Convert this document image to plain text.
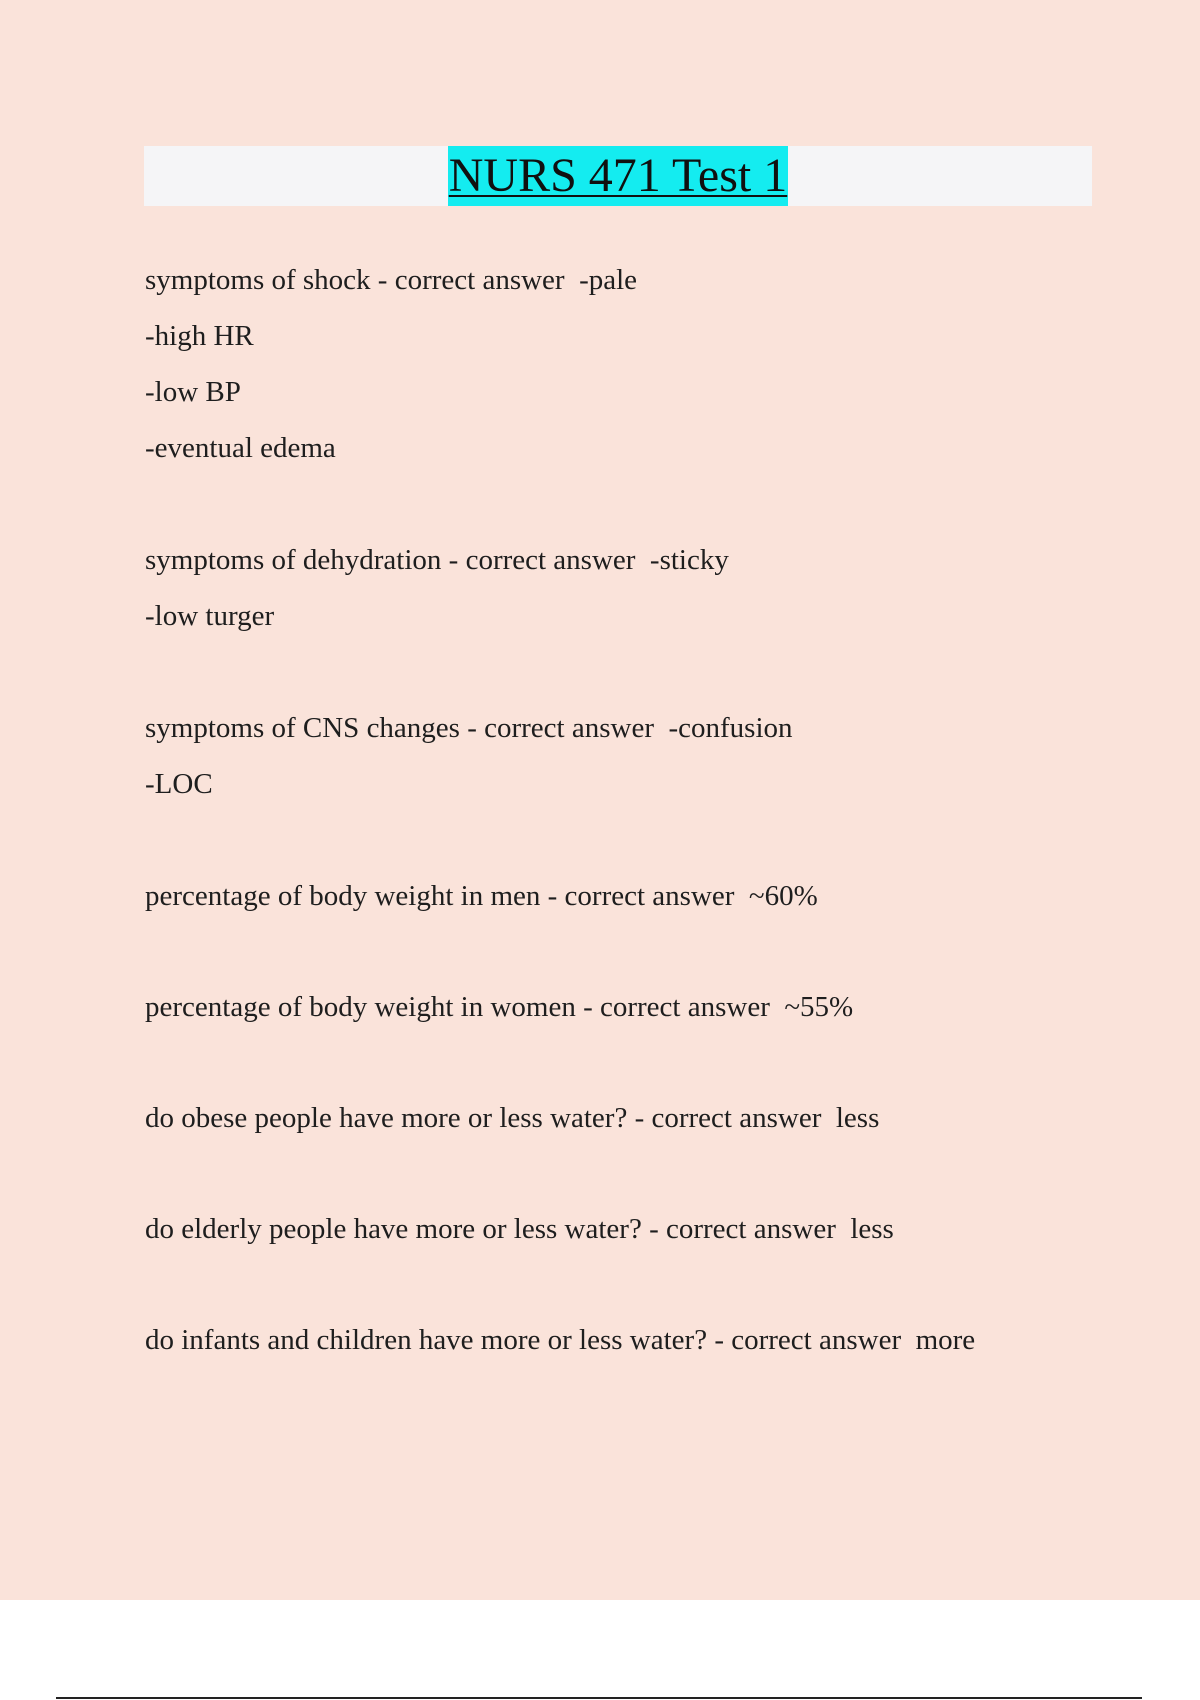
NURS 471 Test 1
symptoms of shock - correct answer  -pale
-high HR
-low BP
-eventual edema
symptoms of dehydration - correct answer  -sticky
-low turger
symptoms of CNS changes - correct answer  -confusion
-LOC
percentage of body weight in men - correct answer  ~60%
percentage of body weight in women - correct answer  ~55%
do obese people have more or less water? - correct answer  less
do elderly people have more or less water? - correct answer  less
do infants and children have more or less water? - correct answer  more
